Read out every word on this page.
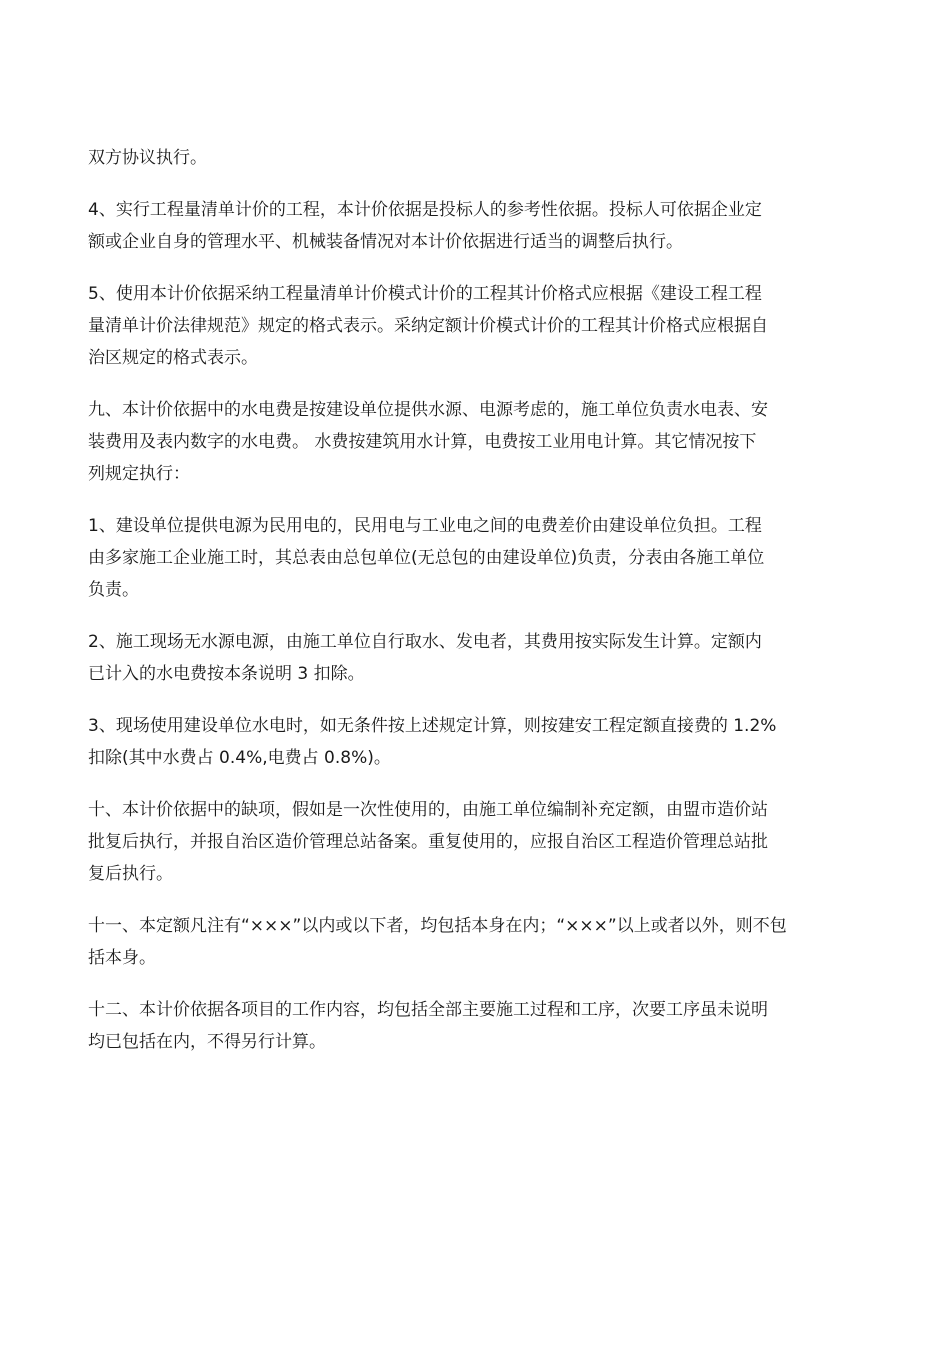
双方协议执行。

4、实行工程量清单计价的工程，本计价依据是投标人的参考性依据。投标人可依据企业定
额或企业自身的管理水平、机械装备情况对本计价依据进行适当的调整后执行。

5、使用本计价依据采纳工程量清单计价模式计价的工程其计价格式应根据《建设工程工程
量清单计价法律规范》规定的格式表示。采纳定额计价模式计价的工程其计价格式应根据自
治区规定的格式表示。

九、本计价依据中的水电费是按建设单位提供水源、电源考虑的，施工单位负责水电表、安
装费用及表内数字的水电费。 水费按建筑用水计算，电费按工业用电计算。其它情况按下
列规定执行：

1、建设单位提供电源为民用电的，民用电与工业电之间的电费差价由建设单位负担。工程
由多家施工企业施工时，其总表由总包单位(无总包的由建设单位)负责，分表由各施工单位
负责。

2、施工现场无水源电源，由施工单位自行取水、发电者，其费用按实际发生计算。定额内
已计入的水电费按本条说明 3 扣除。

3、现场使用建设单位水电时，如无条件按上述规定计算，则按建安工程定额直接费的 1.2%
扣除(其中水费占 0.4%,电费占 0.8%)。

十、本计价依据中的缺项，假如是一次性使用的，由施工单位编制补充定额，由盟市造价站
批复后执行，并报自治区造价管理总站备案。重复使用的，应报自治区工程造价管理总站批
复后执行。

十一、本定额凡注有“×××”以内或以下者，均包括本身在内；“×××”以上或者以外，则不包
括本身。

十二、本计价依据各项目的工作内容，均包括全部主要施工过程和工序，次要工序虽未说明
均已包括在内，不得另行计算。
